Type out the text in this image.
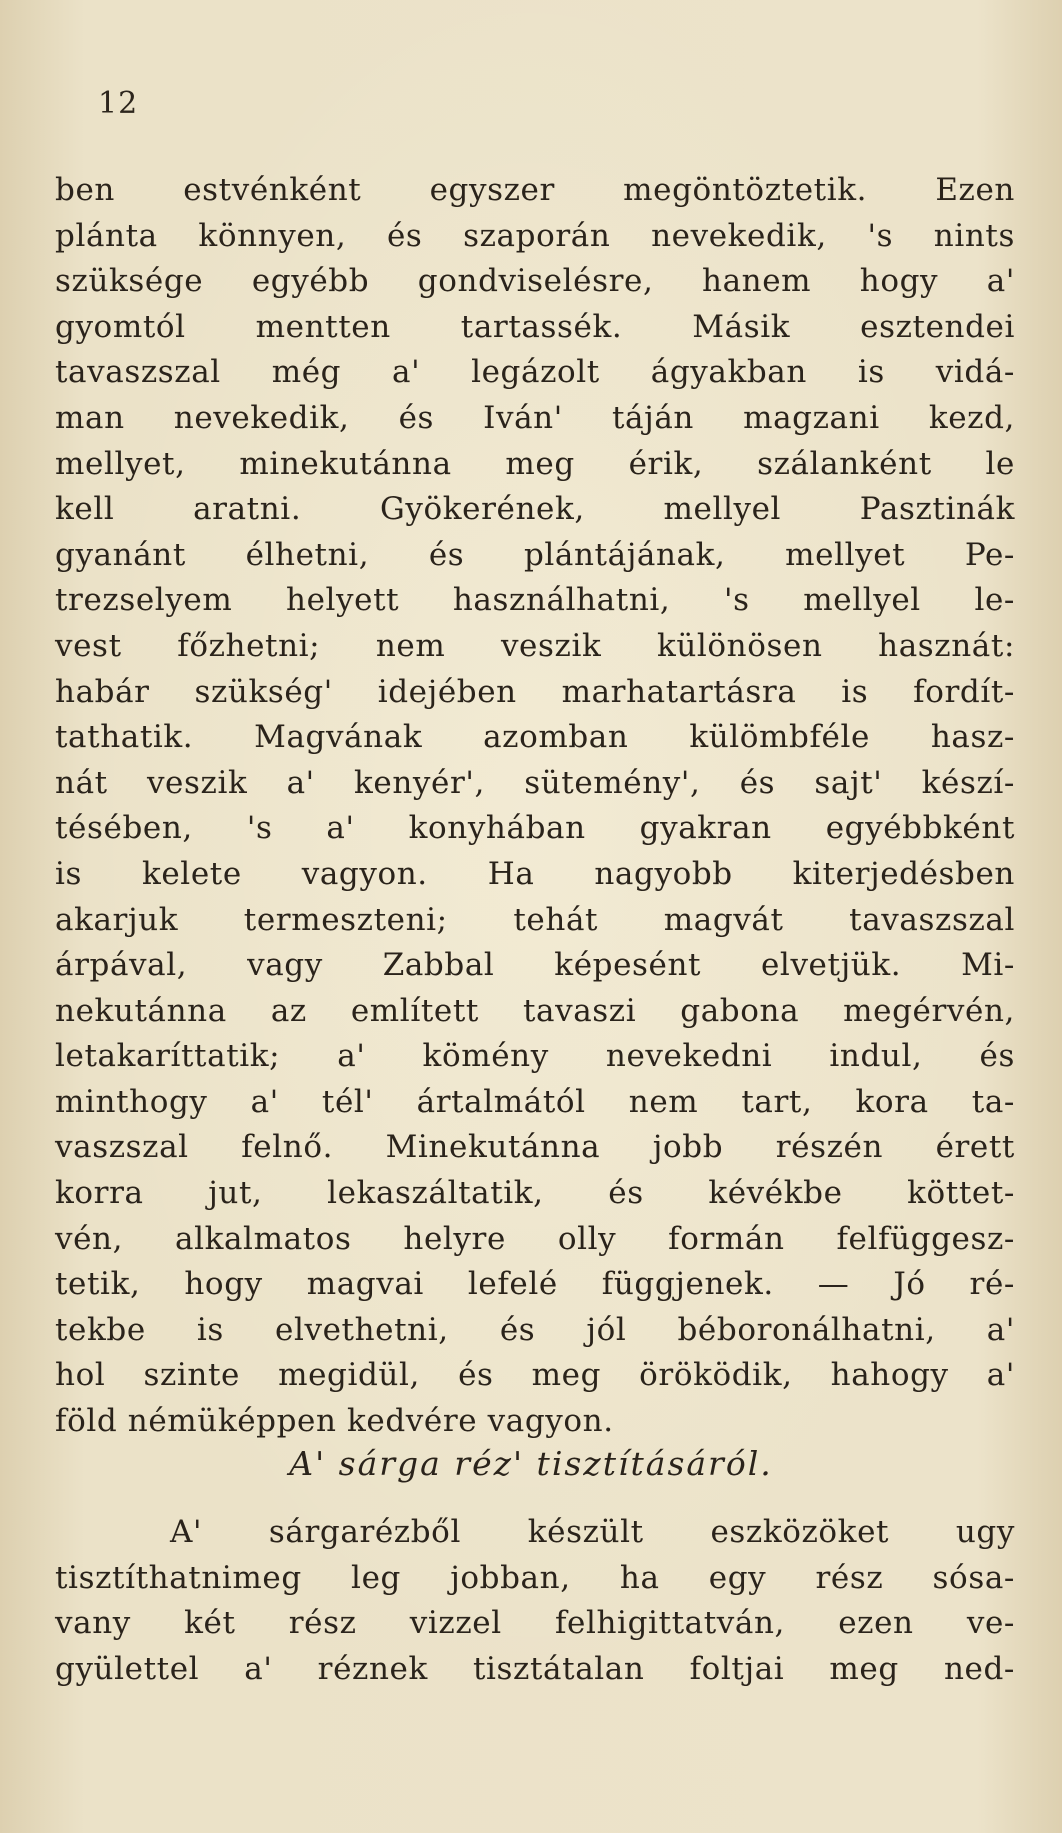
12
ben estvénként egyszer megöntöztetik. Ezen
plánta könnyen, és szaporán nevekedik, 's nints
szüksége egyébb gondviselésre, hanem hogy a'
gyomtól mentten tartassék. Másik esztendei
tavaszszal még a' legázolt ágyakban is vidá-
man nevekedik, és Iván' táján magzani kezd,
mellyet, minekutánna meg érik, szálanként le
kell aratni. Gyökerének, mellyel Pasztinák
gyanánt élhetni, és plántájának, mellyet Pe-
trezselyem helyett használhatni, 's mellyel le-
vest főzhetni; nem veszik különösen hasznát:
habár szükség' idejében marhatartásra is fordít-
tathatik. Magvának azomban külömbféle hasz-
nát veszik a' kenyér', sütemény', és sajt' készí-
tésében, 's a' konyhában gyakran egyébbként
is kelete vagyon. Ha nagyobb kiterjedésben
akarjuk termeszteni; tehát magvát tavaszszal
árpával, vagy Zabbal képesént elvetjük. Mi-
nekutánna az említett tavaszi gabona megérvén,
letakaríttatik; a' kömény nevekedni indul, és
minthogy a' tél' ártalmától nem tart, kora ta-
vaszszal felnő. Minekutánna jobb részén érett
korra jut, lekaszáltatik, és kévékbe köttet-
vén, alkalmatos helyre olly formán felfüggesz-
tetik, hogy magvai lefelé függjenek. — Jó ré-
tekbe is elvethetni, és jól béboronálhatni, a'
hol szinte megidül, és meg öröködik, hahogy a'
föld némüképpen kedvére vagyon.
A' sárga réz' tisztításáról.
A' sárgarézből készült eszközöket ugy
tisztíthatnimeg leg jobban, ha egy rész sósa-
vany két rész vizzel felhigittatván, ezen ve-
gyülettel a' réznek tisztátalan foltjai meg ned-
